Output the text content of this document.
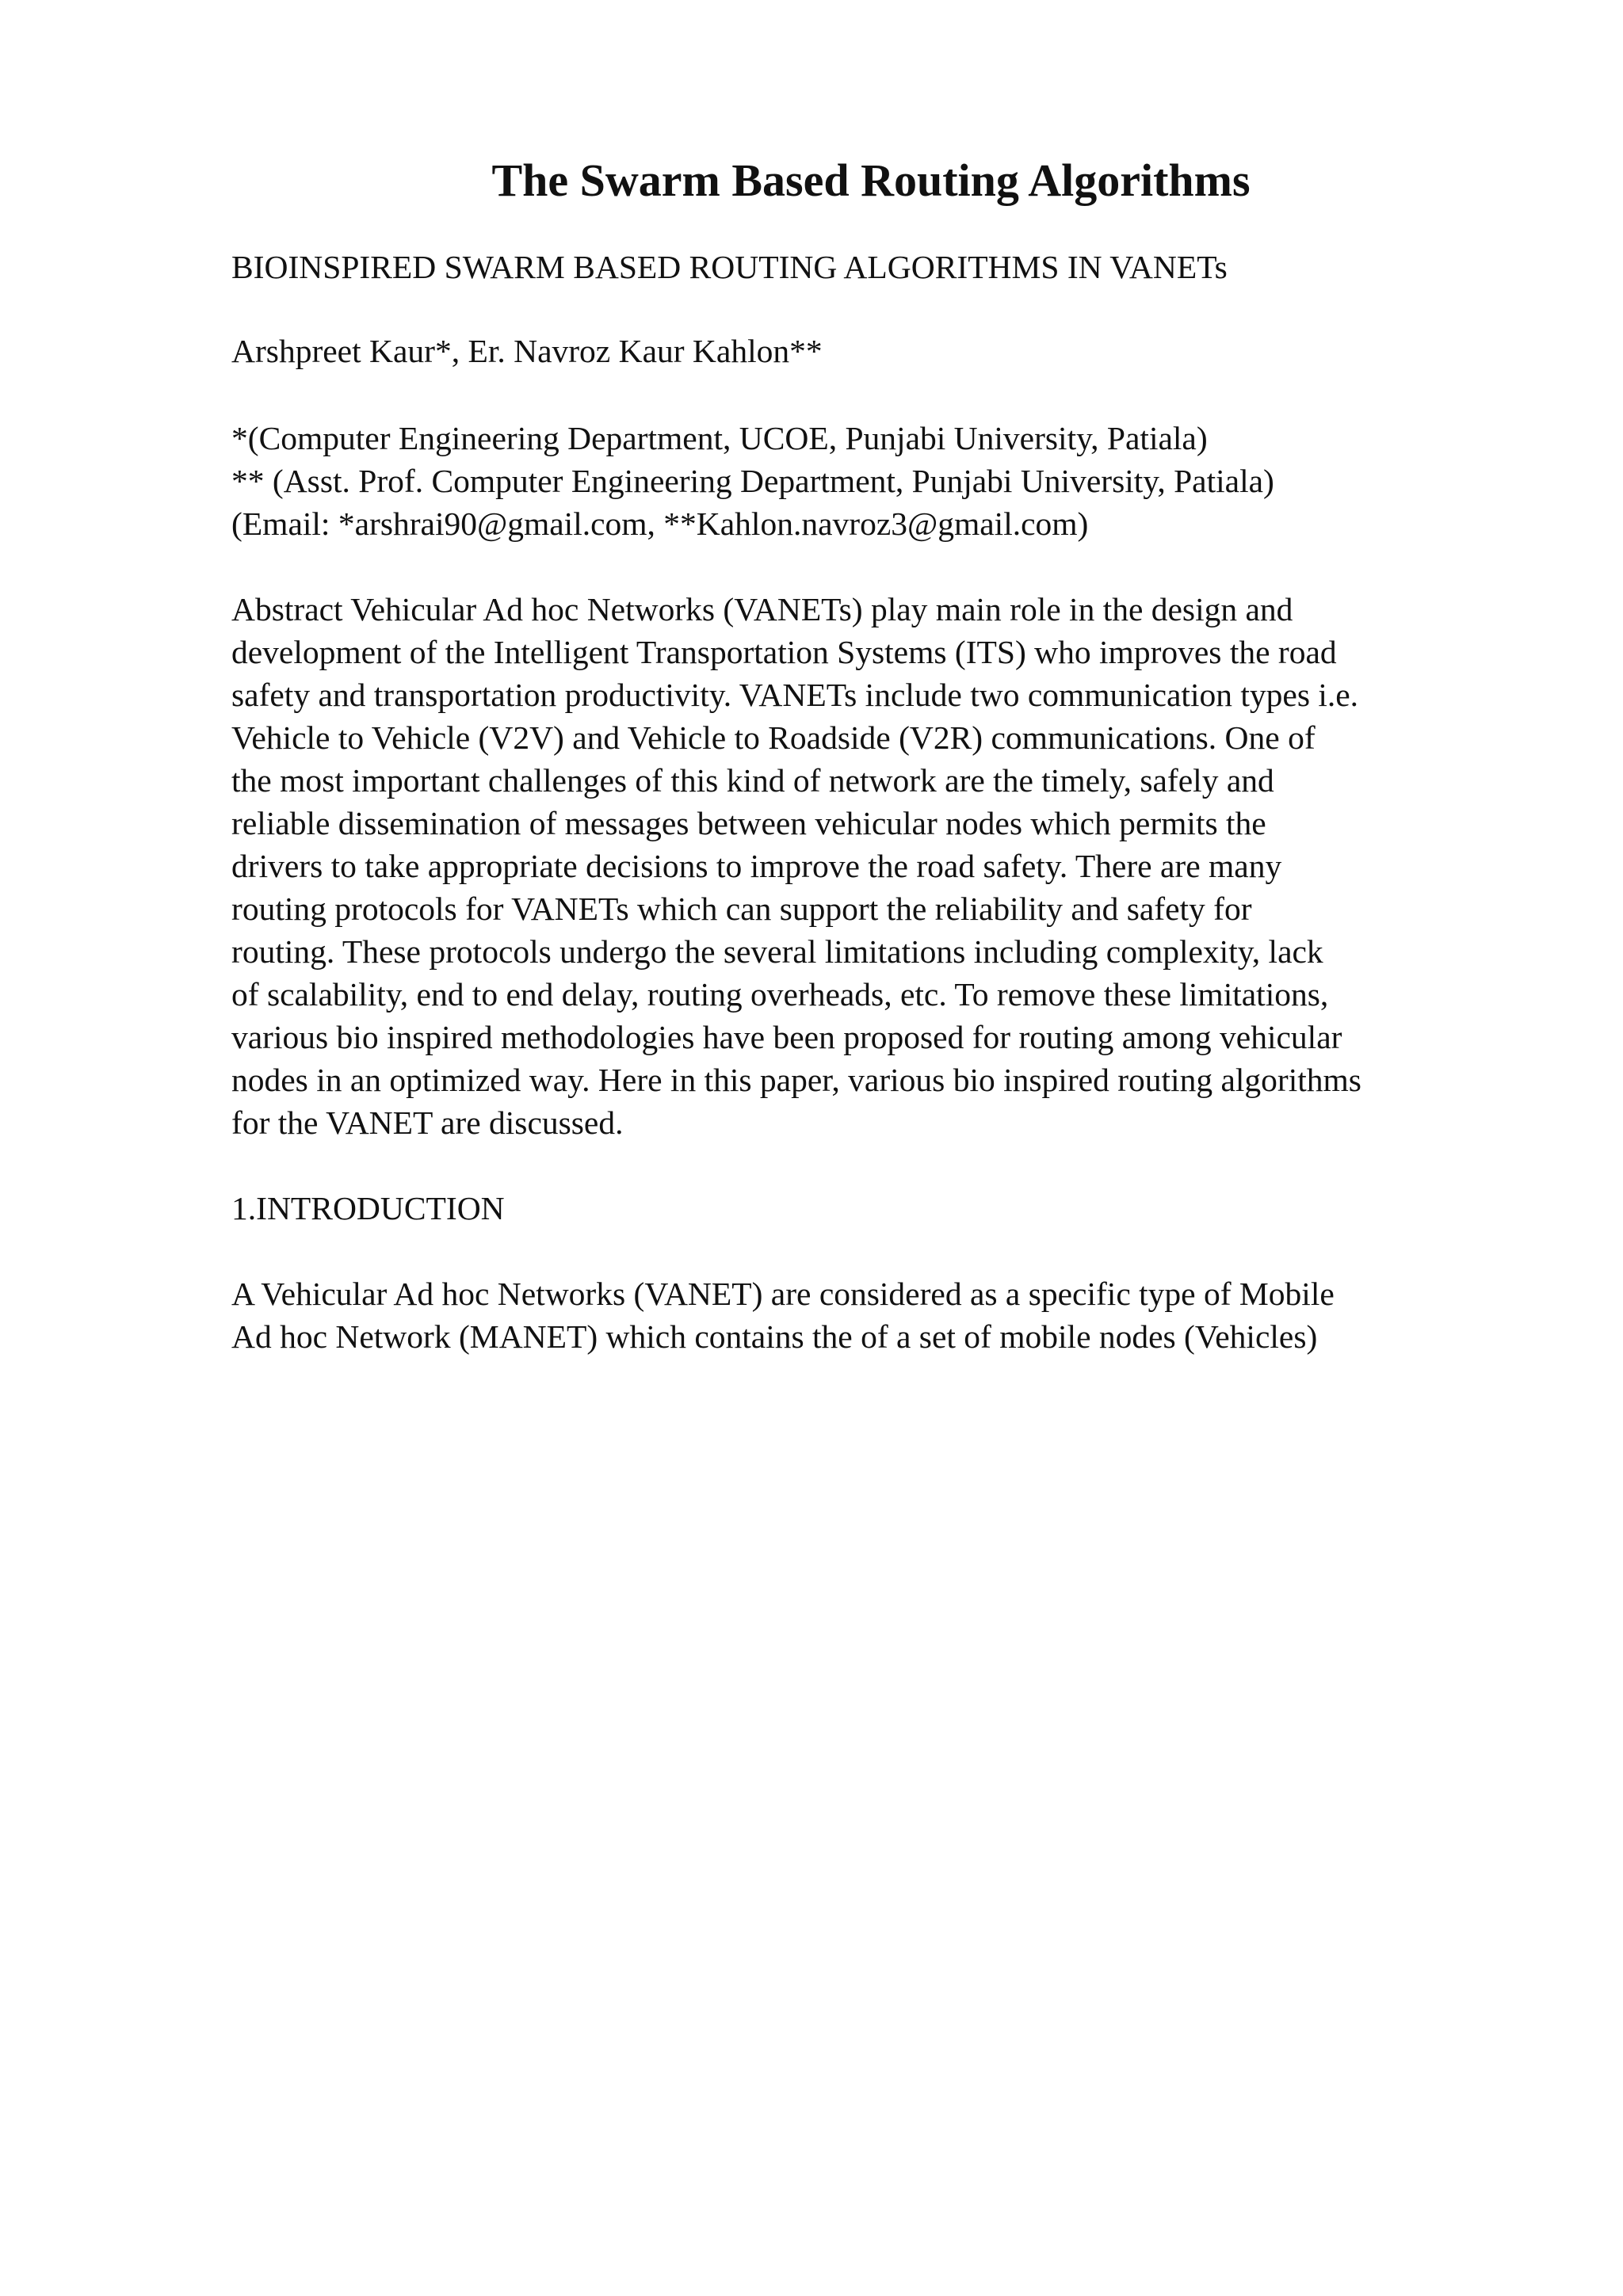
The Swarm Based Routing Algorithms

BIOINSPIRED SWARM BASED ROUTING ALGORITHMS IN VANETs

Arshpreet Kaur*, Er. Navroz Kaur Kahlon**

*(Computer Engineering Department, UCOE, Punjabi University, Patiala)
** (Asst. Prof. Computer Engineering Department, Punjabi University, Patiala)
(Email: *arshrai90@gmail.com, **Kahlon.navroz3@gmail.com)
Abstract Vehicular Ad hoc Networks (VANETs) play main role in the design and
development of the Intelligent Transportation Systems (ITS) who improves the road
safety and transportation productivity. VANETs include two communication types i.e.
Vehicle to Vehicle (V2V) and Vehicle to Roadside (V2R) communications. One of
the most important challenges of this kind of network are the timely, safely and
reliable dissemination of messages between vehicular nodes which permits the
drivers to take appropriate decisions to improve the road safety. There are many
routing protocols for VANETs which can support the reliability and safety for
routing. These protocols undergo the several limitations including complexity, lack
of scalability, end to end delay, routing overheads, etc. To remove these limitations,
various bio inspired methodologies have been proposed for routing among vehicular
nodes in an optimized way. Here in this paper, various bio inspired routing algorithms
for the VANET are discussed.

1.INTRODUCTION

A Vehicular Ad hoc Networks (VANET) are considered as a specific type of Mobile
Ad hoc Network (MANET) which contains the of a set of mobile nodes (Vehicles)
